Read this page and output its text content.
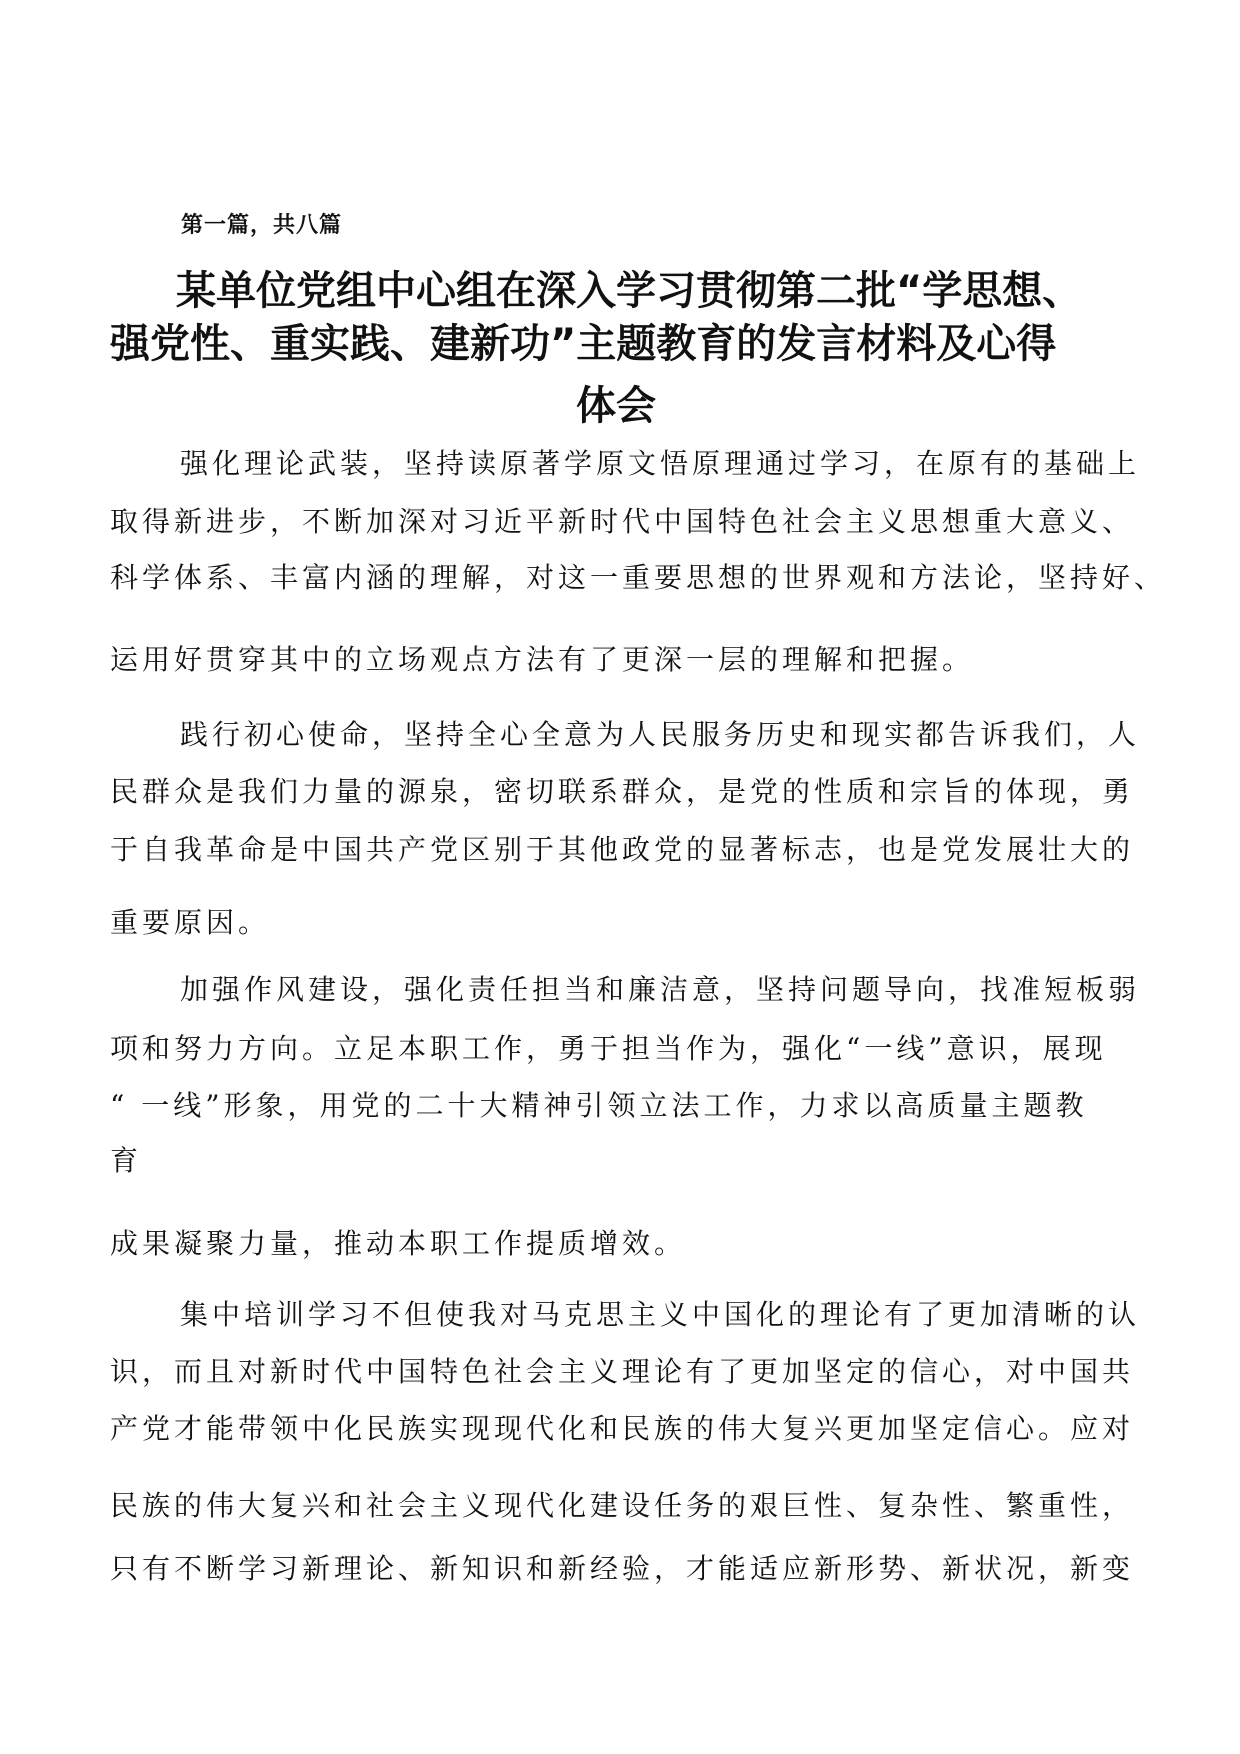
第一篇，共八篇
某单位党组中心组在深入学习贯彻第二批“学思想、
强党性、重实践、建新功”主题教育的发言材料及心得
体会
强化理论武装，坚持读原著学原文悟原理通过学习，在原有的基础上
取得新进步，不断加深对习近平新时代中国特色社会主义思想重大意义、
科学体系、丰富内涵的理解，对这一重要思想的世界观和方法论，坚持好、
运用好贯穿其中的立场观点方法有了更深一层的理解和把握。
践行初心使命，坚持全心全意为人民服务历史和现实都告诉我们，人
民群众是我们力量的源泉，密切联系群众，是党的性质和宗旨的体现，勇
于自我革命是中国共产党区别于其他政党的显著标志，也是党发展壮大的
重要原因。
加强作风建设，强化责任担当和廉洁意，坚持问题导向，找准短板弱
项和努力方向。立足本职工作，勇于担当作为，强化“一线”意识，展现
“ 一线”形象，用党的二十大精神引领立法工作，力求以高质量主题教
育
成果凝聚力量，推动本职工作提质增效。
集中培训学习不但使我对马克思主义中国化的理论有了更加清晰的认
识，而且对新时代中国特色社会主义理论有了更加坚定的信心，对中国共
产党才能带领中化民族实现现代化和民族的伟大复兴更加坚定信心。应对
民族的伟大复兴和社会主义现代化建设任务的艰巨性、复杂性、繁重性，
只有不断学习新理论、新知识和新经验，才能适应新形势、新状况，新变
